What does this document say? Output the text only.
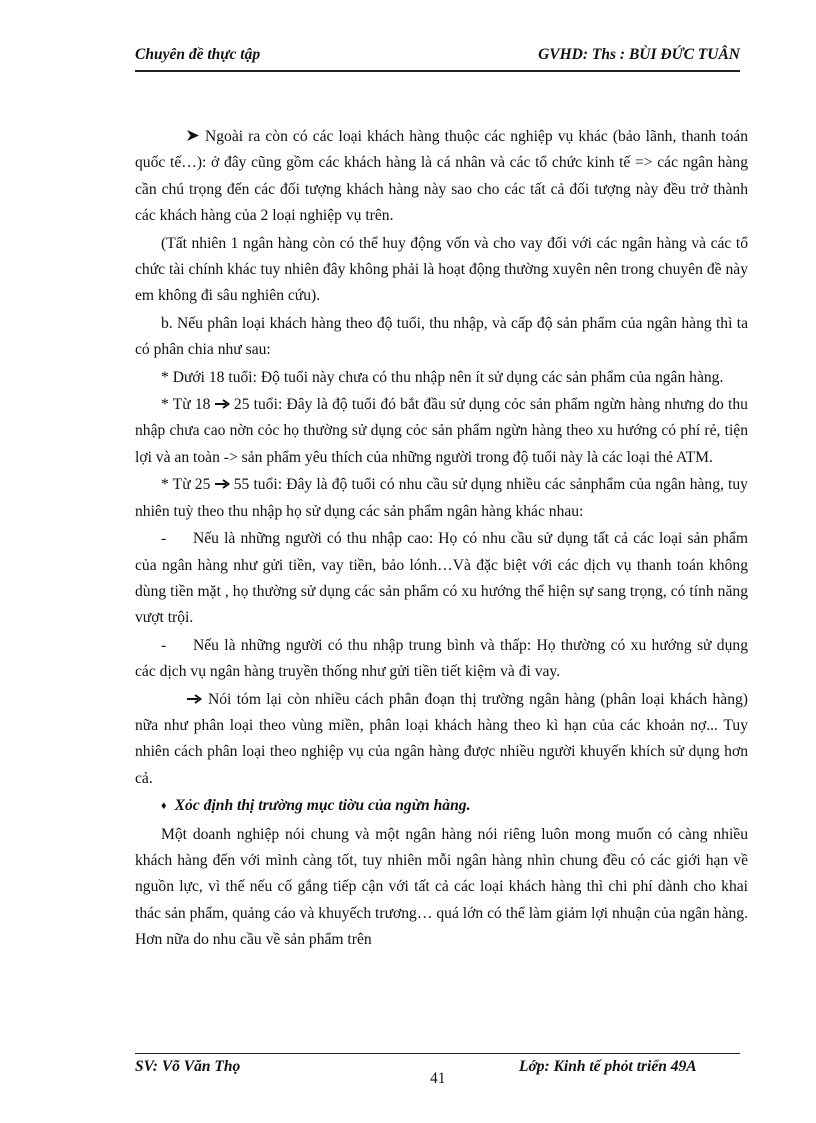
Chuyên đề thực tập	GVHD: Ths : BÙI ĐỨC TUÂN

Ngoài ra còn có các loại khách hàng thuộc các nghiệp vụ khác (bảo lãnh, thanh toán quốc tế…): ở đây cũng gồm các khách hàng là cá nhân và các tổ chức kinh tế => các ngân hàng cần chú trọng đến các đối tượng khách hàng này sao cho các tất cả đối tượng này đều trở thành các khách hàng của 2 loại nghiệp vụ trên.

(Tất nhiên 1 ngân hàng còn có thể huy động vốn và cho vay đối với các ngân hàng và các tổ chức tài chính khác tuy nhiên đây không phải là hoạt động thường xuyên nên trong chuyên đề này em không đi sâu nghiên cứu).

b. Nếu phân loại khách hàng theo độ tuổi, thu nhập, và cấp độ sản phẩm của ngân hàng thì ta có phân chia như sau:

* Dưới 18 tuổi: Độ tuổi này chưa có thu nhập nên ít sử dụng các sản phẩm của ngân hàng.

* Từ 18 25 tuổi: Đây là độ tuổi đó bắt đầu sử dụng cỏc sản phẩm ngừn hàng nhưng do thu nhập chưa cao nờn cỏc họ thường sử dụng cỏc sản phẩm ngừn hàng theo xu hướng có phí rẻ, tiện lợi và an toàn -> sản phẩm yêu thích của những người trong độ tuổi này là các loại thẻ ATM.

* Từ 25 55 tuổi: Đây là độ tuổi có nhu cầu sử dụng nhiều các sảnphẩm của ngân hàng, tuy nhiên tuỳ theo thu nhập họ sử dụng các sản phẩm ngân hàng khác nhau:

- Nếu là những người có thu nhập cao: Họ có nhu cầu sử dụng tất cả các loại sản phẩm của ngân hàng như gửi tiền, vay tiền, bảo lónh…Và đặc biệt với các dịch vụ thanh toán không dùng tiền mặt , họ thường sử dụng các sản phẩm có xu hướng thể hiện sự sang trọng, có tính năng vượt trội.

- Nếu là những người có thu nhập trung bình và thấp: Họ thường có xu hướng sử dụng các dịch vụ ngân hàng truyền thống như gửi tiền tiết kiệm và đi vay.

Nói tóm lại còn nhiều cách phân đoạn thị trường ngân hàng (phân loại khách hàng) nữa như phân loại theo vùng miền, phân loại khách hàng theo kì hạn của các khoản nợ... Tuy nhiên cách phân loại theo nghiệp vụ của ngân hàng được nhiều người khuyến khích sử dụng hơn cả.

♦ Xỏc định thị trường mục tiờu của ngừn hàng.

Một doanh nghiệp nói chung và một ngân hàng nói riêng luôn mong muốn có càng nhiều khách hàng đến với mình càng tốt, tuy nhiên mỗi ngân hàng nhìn chung đều có các giới hạn về nguồn lực, vì thế nếu cố gắng tiếp cận với tất cả các loại khách hàng thì chi phí dành cho khai thác sản phẩm, quảng cáo và khuyếch trương… quá lớn có thể làm giảm lợi nhuận của ngân hàng. Hơn nữa do nhu cầu về sản phẩm trên

SV: Võ Văn Thọ
41
Lớp: Kinh tế phỏt triển 49A
